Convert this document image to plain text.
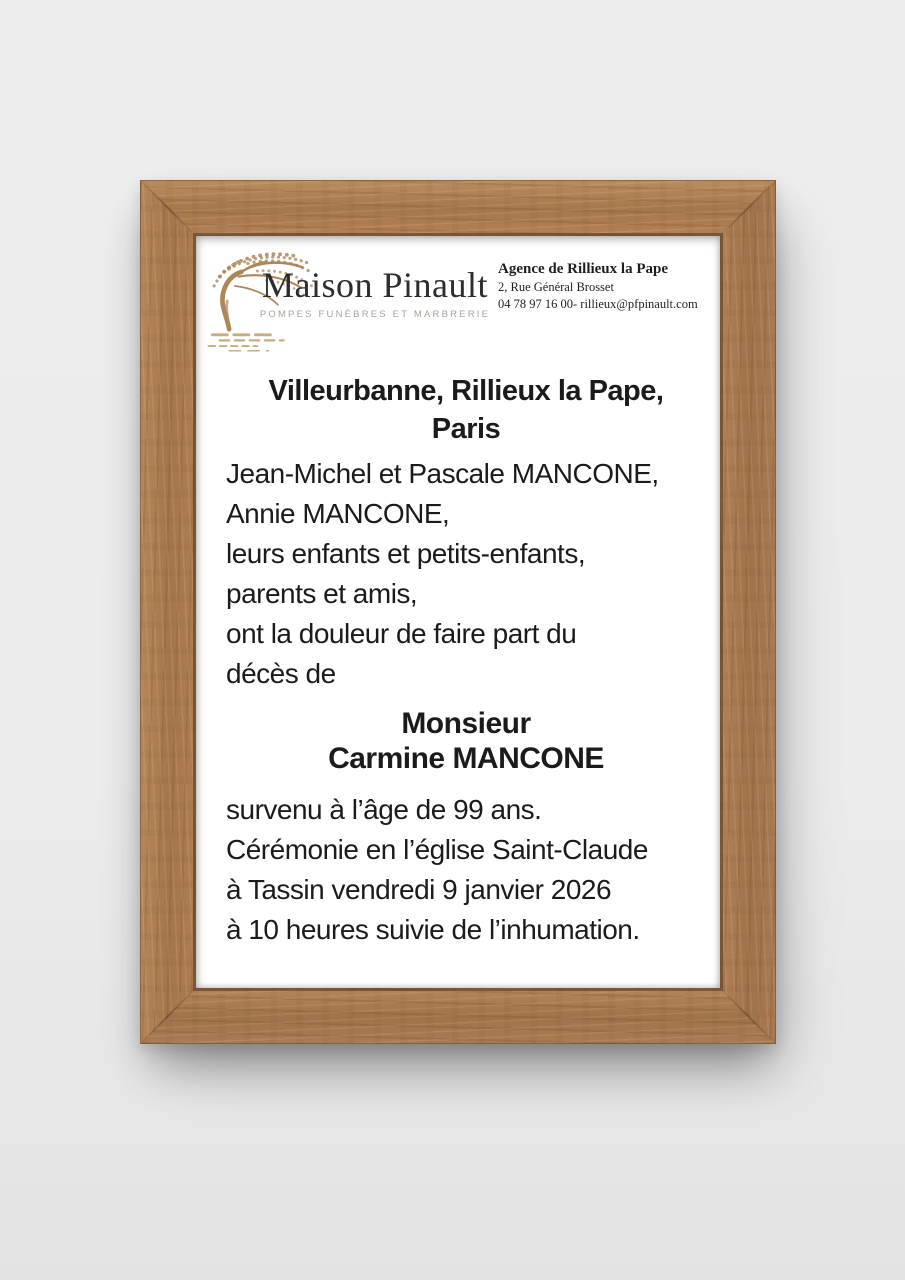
Maison Pinault
POMPES FUNÈBRES ET MARBRERIE
Agence de Rillieux la Pape
2, Rue Général Brosset
04 78 97 16 00- rillieux@pfpinault.com
Villeurbanne, Rillieux la Pape,
Paris
Jean-Michel et Pascale MANCONE,
Annie MANCONE,
leurs enfants et petits-enfants,
parents et amis,
ont la douleur de faire part du
décès de
Monsieur
Carmine MANCONE
survenu à l’âge de 99 ans.
Cérémonie en l’église Saint-Claude
à Tassin vendredi 9 janvier 2026
à 10 heures suivie de l’inhumation.
